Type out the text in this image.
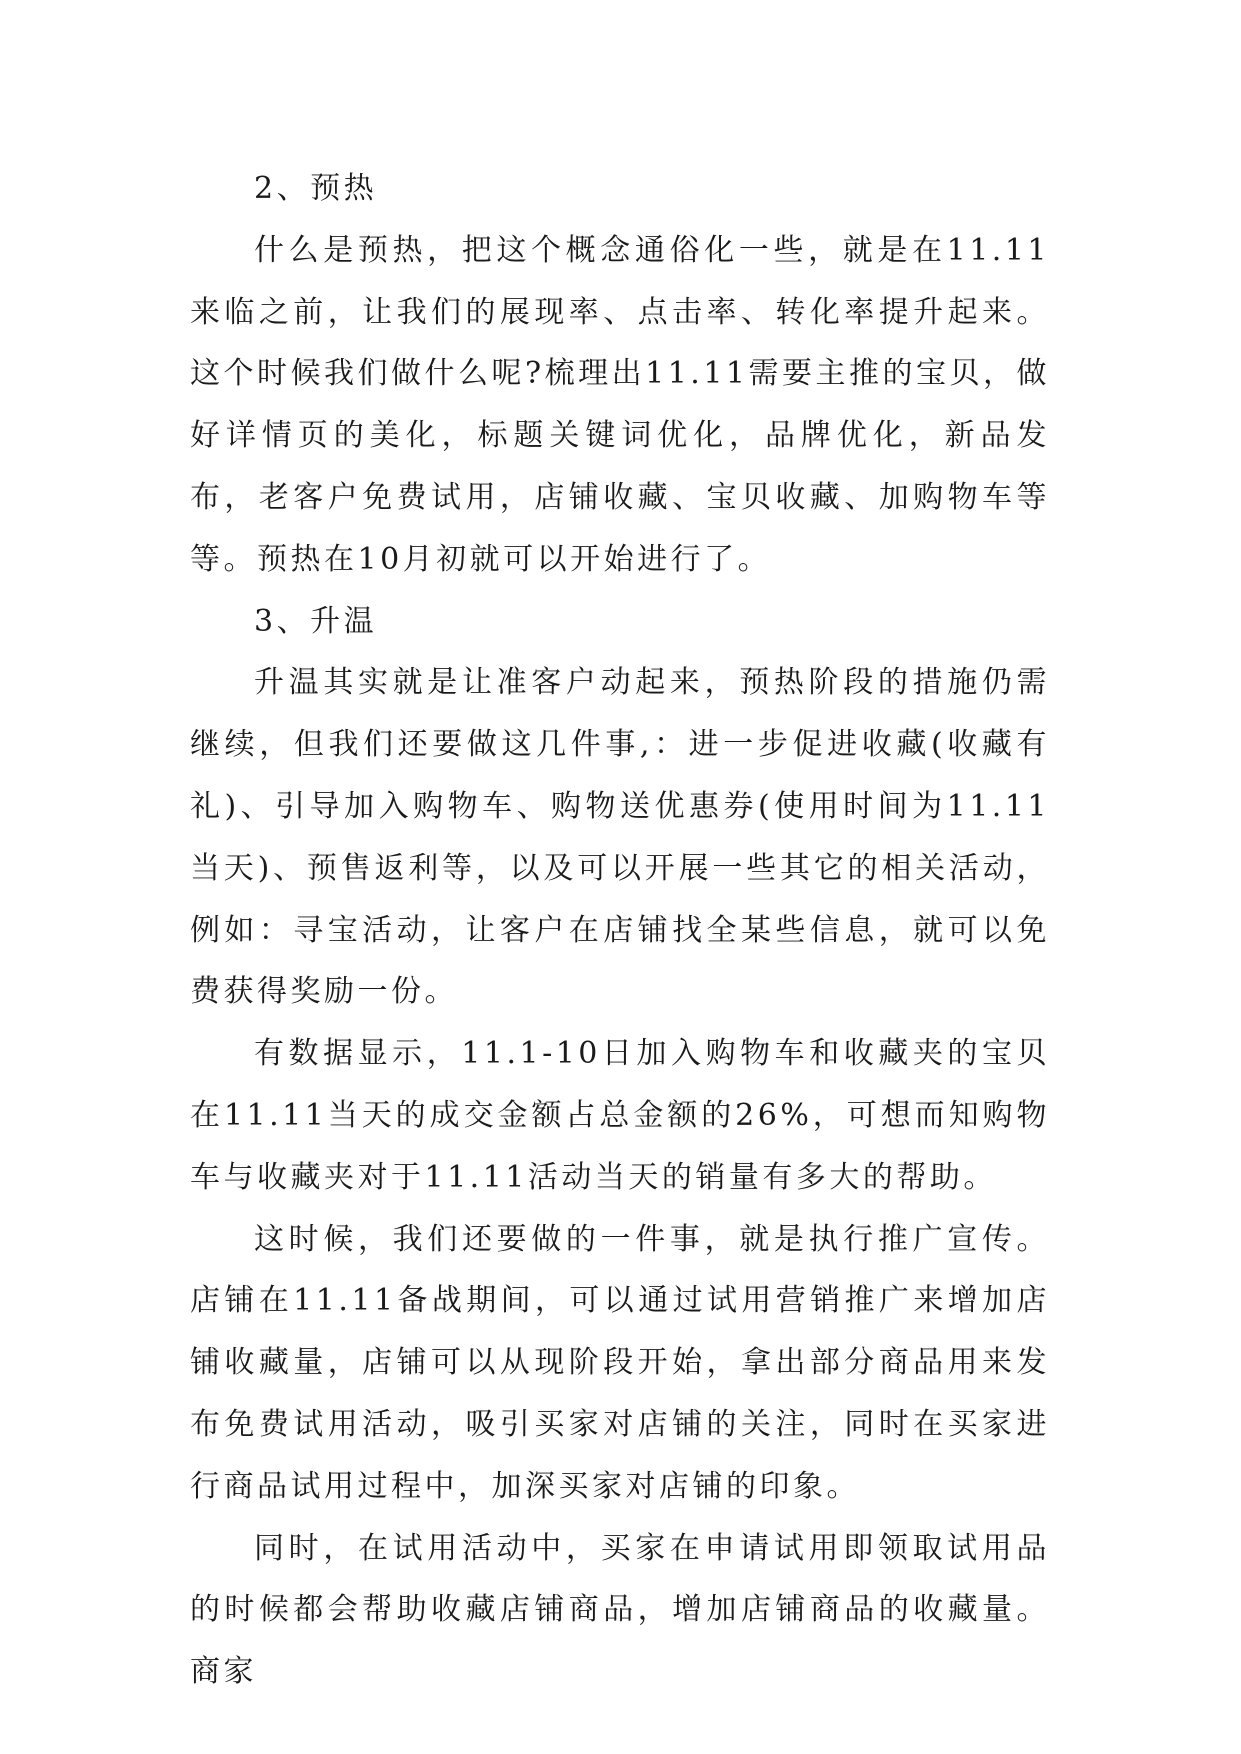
2、预热

什么是预热，把这个概念通俗化一些，就是在11.11来临之前，让我们的展现率、点击率、转化率提升起来。这个时候我们做什么呢?梳理出11.11需要主推的宝贝，做好详情页的美化，标题关键词优化，品牌优化，新品发布，老客户免费试用，店铺收藏、宝贝收藏、加购物车等等。预热在10月初就可以开始进行了。

3、升温

升温其实就是让准客户动起来，预热阶段的措施仍需继续，但我们还要做这几件事,：进一步促进收藏(收藏有礼)、引导加入购物车、购物送优惠券(使用时间为11.11当天)、预售返利等，以及可以开展一些其它的相关活动，例如：寻宝活动，让客户在店铺找全某些信息，就可以免费获得奖励一份。

有数据显示，11.1-10日加入购物车和收藏夹的宝贝在11.11当天的成交金额占总金额的26%，可想而知购物车与收藏夹对于11.11活动当天的销量有多大的帮助。

这时候，我们还要做的一件事，就是执行推广宣传。店铺在11.11备战期间，可以通过试用营销推广来增加店铺收藏量，店铺可以从现阶段开始，拿出部分商品用来发布免费试用活动，吸引买家对店铺的关注，同时在买家进行商品试用过程中，加深买家对店铺的印象。

同时，在试用活动中，买家在申请试用即领取试用品的时候都会帮助收藏店铺商品，增加店铺商品的收藏量。商家
